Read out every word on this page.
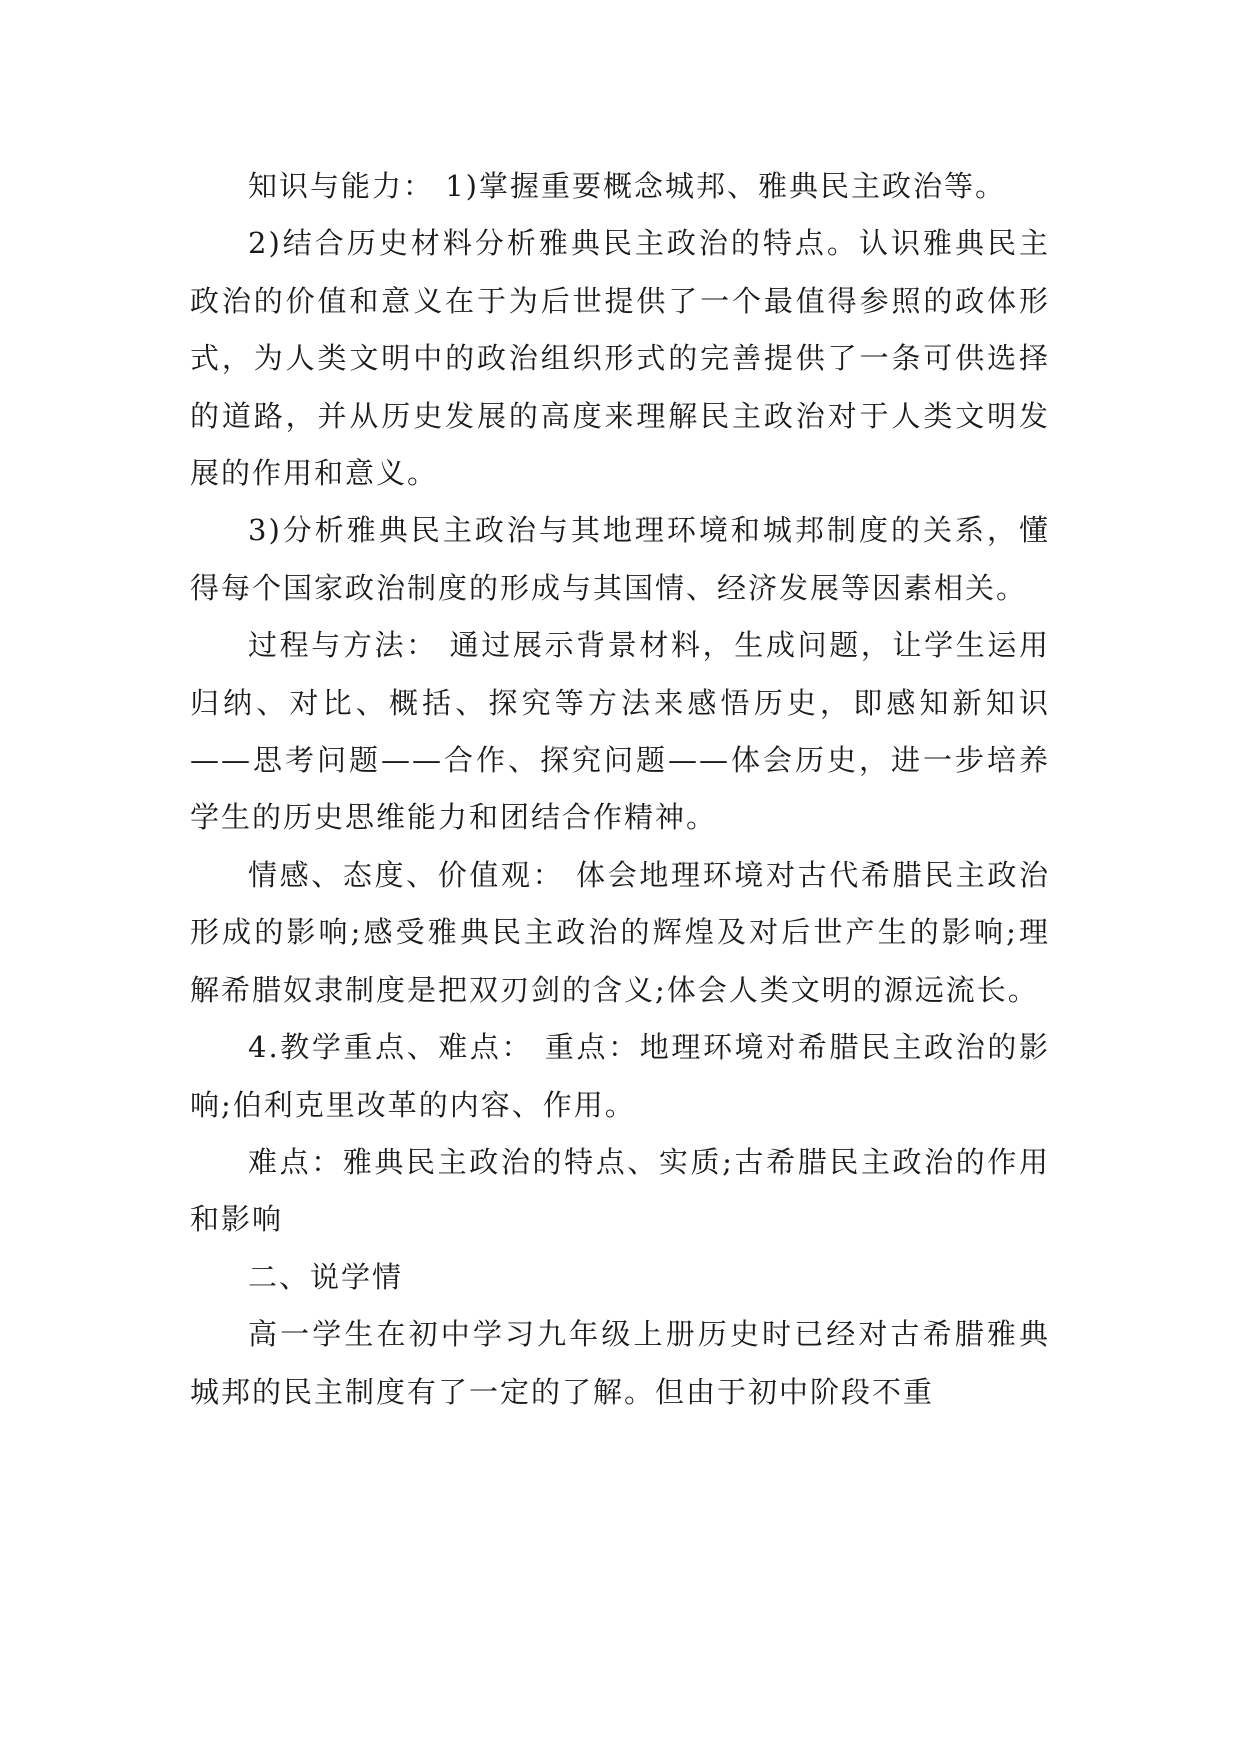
知识与能力： 1)掌握重要概念城邦、雅典民主政治等。

2)结合历史材料分析雅典民主政治的特点。认识雅典民主政治的价值和意义在于为后世提供了一个最值得参照的政体形式，为人类文明中的政治组织形式的完善提供了一条可供选择的道路，并从历史发展的高度来理解民主政治对于人类文明发展的作用和意义。

3)分析雅典民主政治与其地理环境和城邦制度的关系，懂得每个国家政治制度的形成与其国情、经济发展等因素相关。

过程与方法： 通过展示背景材料，生成问题，让学生运用归纳、对比、概括、探究等方法来感悟历史，即感知新知识——思考问题——合作、探究问题——体会历史，进一步培养学生的历史思维能力和团结合作精神。

情感、态度、价值观： 体会地理环境对古代希腊民主政治形成的影响;感受雅典民主政治的辉煌及对后世产生的影响;理解希腊奴隶制度是把双刃剑的含义;体会人类文明的源远流长。

4.教学重点、难点： 重点：地理环境对希腊民主政治的影响;伯利克里改革的内容、作用。

难点：雅典民主政治的特点、实质;古希腊民主政治的作用和影响

二、说学情

高一学生在初中学习九年级上册历史时已经对古希腊雅典城邦的民主制度有了一定的了解。但由于初中阶段不重
